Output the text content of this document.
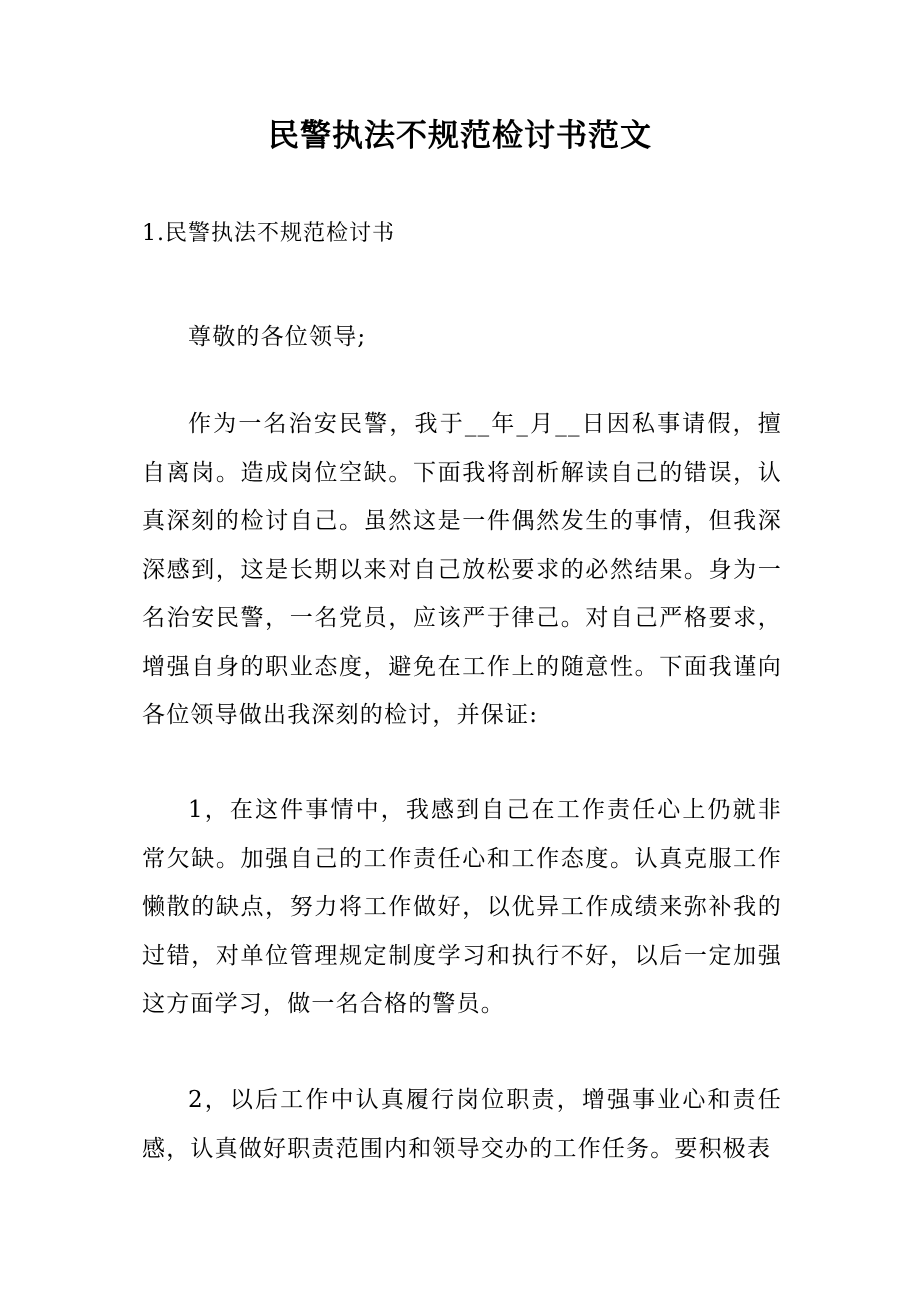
民警执法不规范检讨书范文
1.民警执法不规范检讨书

尊敬的各位领导;

作为一名治安民警，我于__年_月__日因私事请假，擅自离岗。造成岗位空缺。下面我将剖析解读自己的错误，认真深刻的检讨自己。虽然这是一件偶然发生的事情，但我深深感到，这是长期以来对自己放松要求的必然结果。身为一名治安民警，一名党员，应该严于律己。对自己严格要求，增强自身的职业态度，避免在工作上的随意性。下面我谨向各位领导做出我深刻的检讨，并保证:

1，在这件事情中，我感到自己在工作责任心上仍就非常欠缺。加强自己的工作责任心和工作态度。认真克服工作懒散的缺点，努力将工作做好，以优异工作成绩来弥补我的过错，对单位管理规定制度学习和执行不好，以后一定加强这方面学习，做一名合格的警员。

2，以后工作中认真履行岗位职责，增强事业心和责任感，认真做好职责范围内和领导交办的工作任务。要积极表
